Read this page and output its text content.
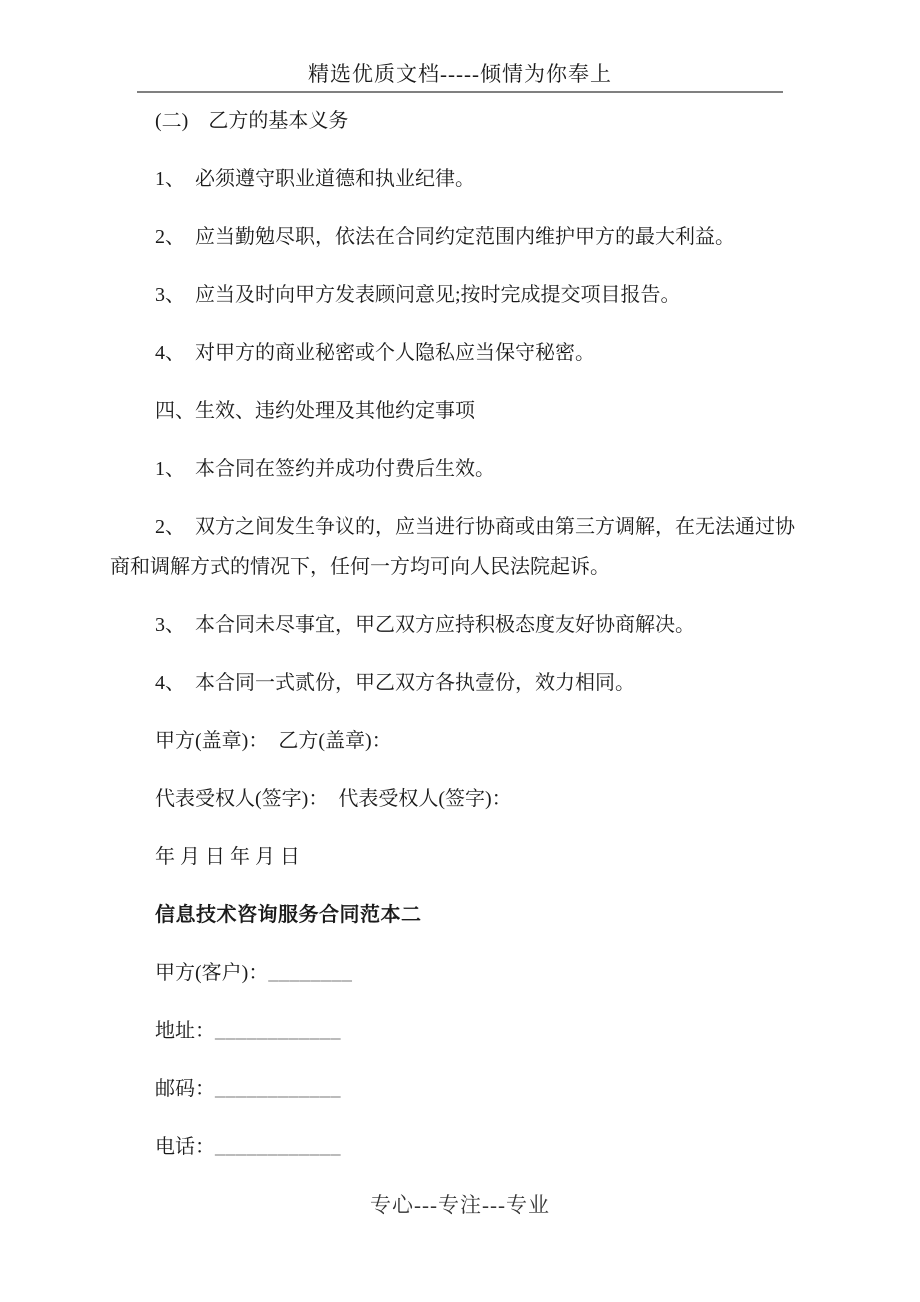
精选优质文档-----倾情为你奉上

(二)　乙方的基本义务

1、　必须遵守职业道德和执业纪律。

2、　应当勤勉尽职，依法在合同约定范围内维护甲方的最大利益。

3、　应当及时向甲方发表顾问意见;按时完成提交项目报告。

4、　对甲方的商业秘密或个人隐私应当保守秘密。

四、生效、违约处理及其他约定事项

1、　本合同在签约并成功付费后生效。

2、　双方之间发生争议的，应当进行协商或由第三方调解，在无法通过协商和调解方式的情况下，任何一方均可向人民法院起诉。

3、　本合同未尽事宜，甲乙双方应持积极态度友好协商解决。

4、　本合同一式贰份，甲乙双方各执壹份，效力相同。

甲方(盖章)：　乙方(盖章)：

代表受权人(签字)：　代表受权人(签字)：

年 月 日 年 月 日

信息技术咨询服务合同范本二

甲方(客户)：________

地址：____________

邮码：____________

电话：____________

专心---专注---专业
